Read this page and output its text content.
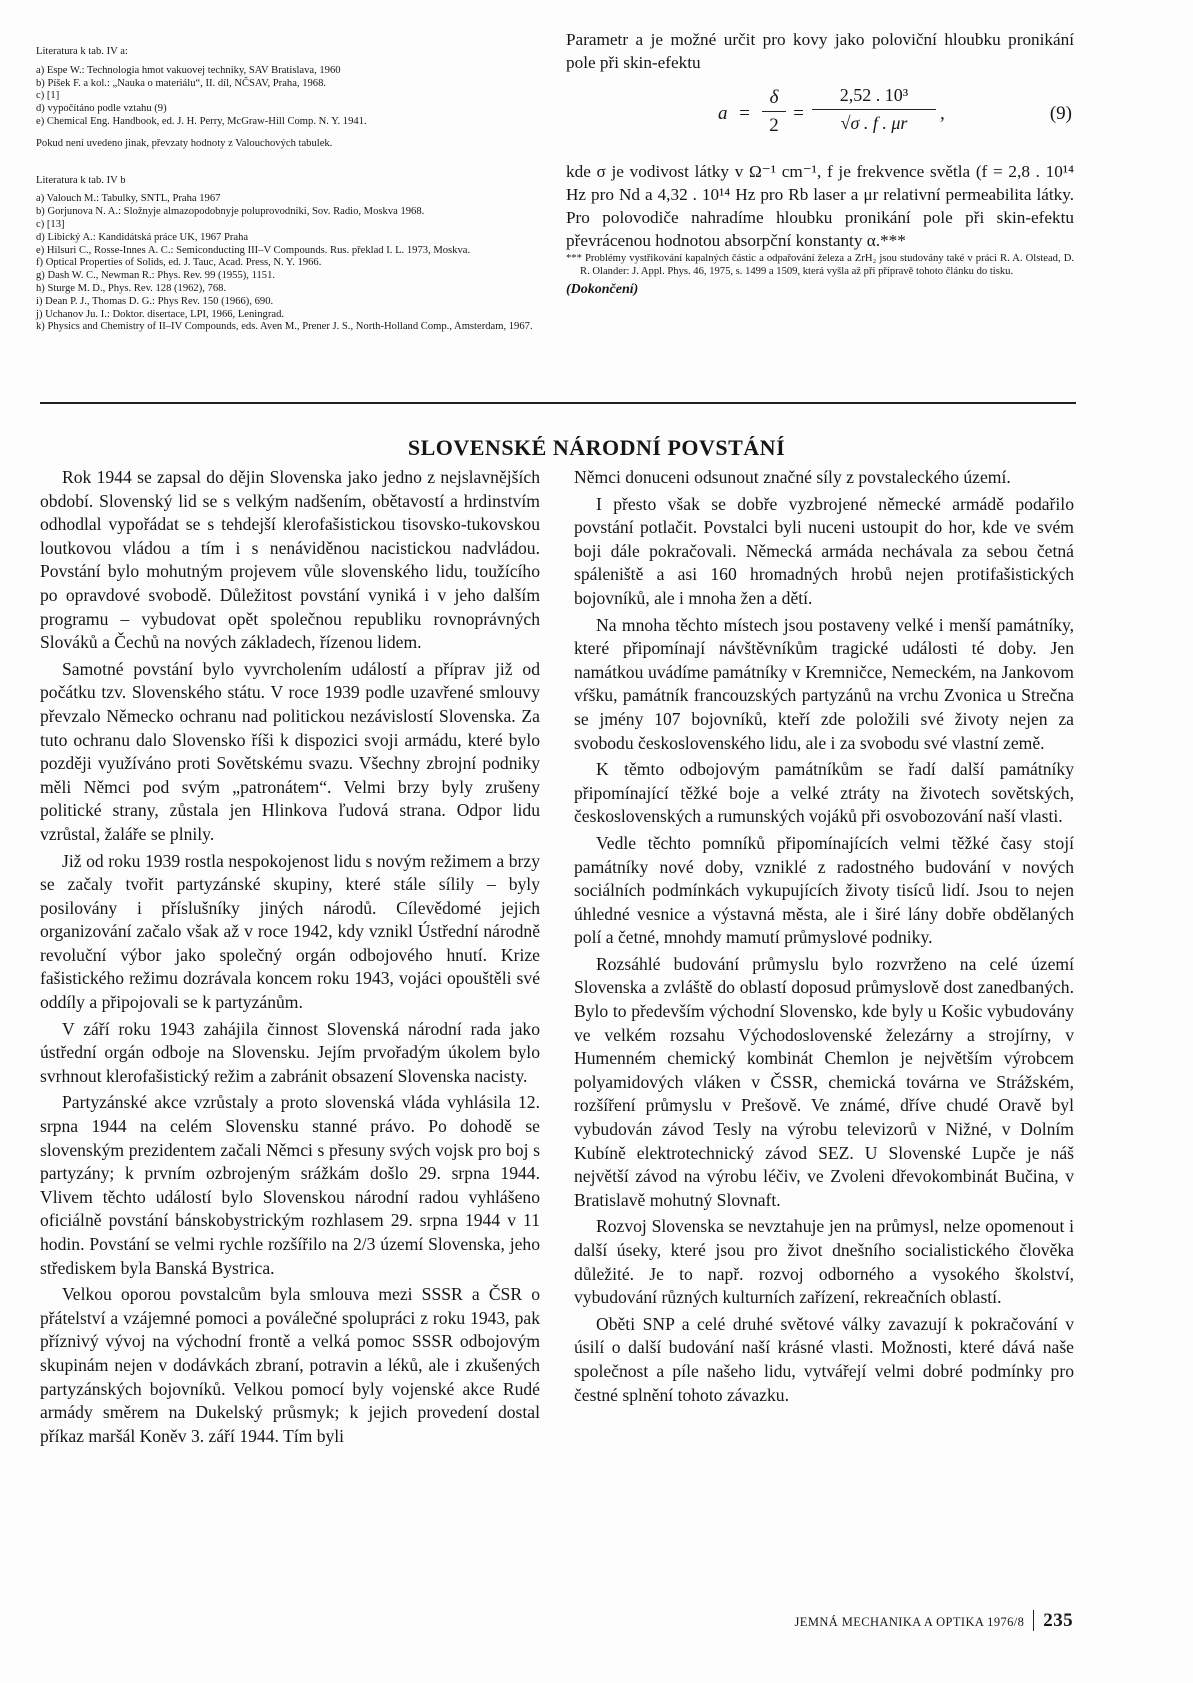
Literatura k tab. IV a:

a) Espe W.: Technologia hmot vakuovej techniky, SAV Bratislava, 1960
b) Píšek F. a kol.: „Nauka o materiálu“, II. díl, NČSAV, Praha, 1968.
c) [1]
d) vypočítáno podle vztahu (9)
e) Chemical Eng. Handbook, ed. J. H. Perry, McGraw-Hill Comp. N. Y. 1941.

Pokud není uvedeno jinak, převzaty hodnoty z Valouchových tabulek.

Literatura k tab. IV b

a) Valouch M.: Tabulky, SNTL, Praha 1967
b) Gorjunova N. A.: Složnyje almazopodobnyje poluprovodniki, Sov. Radio, Moskva 1968.
c) [13]
d) Libický A.: Kandidátská práce UK, 1967 Praha
e) Hilsuri C., Rosse-Innes A. C.: Semiconducting III–V Compounds. Rus. překlad I. L. 1973, Moskva.
f) Optical Properties of Solids, ed. J. Tauc, Acad. Press, N. Y. 1966.
g) Dash W. C., Newman R.: Phys. Rev. 99 (1955), 1151.
h) Sturge M. D., Phys. Rev. 128 (1962), 768.
i) Dean P. J., Thomas D. G.: Phys Rev. 150 (1966), 690.
j) Uchanov Ju. I.: Doktor. disertace, LPI, 1966, Leningrad.
k) Physics and Chemistry of II–IV Compounds, eds. Aven M., Prener J. S., North-Holland Comp., Amsterdam, 1967.

Parametr a je možné určit pro kovy jako poloviční hloubku pronikání pole při skin-efektu

a =
δ
2
=
2,52 . 10³
√σ . f . μr	,	(9)

kde σ je vodivost látky v Ω⁻¹ cm⁻¹, f je frekvence světla (f = 2,8 . 10¹⁴ Hz pro Nd a 4,32 . 10¹⁴ Hz pro Rb laser a μr relativní permeabilita látky. Pro polovodiče nahradíme hloubku pronikání pole při skin-efektu převrácenou hodnotou absorpční konstanty α.***

*** Problémy vystřikování kapalných částic a odpařování železa a ZrH₂ jsou studovány také v práci R. A. Olstead, D. R. Olander: J. Appl. Phys. 46, 1975, s. 1499 a 1509, která vyšla až při přípravě tohoto článku do tisku.

(Dokončení)

SLOVENSKÉ NÁRODNÍ POVSTÁNÍ

Rok 1944 se zapsal do dějin Slovenska jako jedno z nejslavnějších období. Slovenský lid se s velkým nadšením, obětavostí a hrdinstvím odhodlal vypořádat se s tehdejší klerofašistickou tisovsko-tukovskou loutkovou vládou a tím i s nenáviděnou nacistickou nadvládou. Povstání bylo mohutným projevem vůle slovenského lidu, toužícího po opravdové svobodě. Důležitost povstání vyniká i v jeho dalším programu – vybudovat opět společnou republiku rovnoprávných Slováků a Čechů na nových základech, řízenou lidem.

Samotné povstání bylo vyvrcholením událostí a příprav již od počátku tzv. Slovenského státu. V roce 1939 podle uzavřené smlouvy převzalo Německo ochranu nad politickou nezávislostí Slovenska. Za tuto ochranu dalo Slovensko říši k dispozici svoji armádu, které bylo později využíváno proti Sovětskému svazu. Všechny zbrojní podniky měli Němci pod svým „patronátem“. Velmi brzy byly zrušeny politické strany, zůstala jen Hlinkova ľudová strana. Odpor lidu vzrůstal, žaláře se plnily.

Již od roku 1939 rostla nespokojenost lidu s novým režimem a brzy se začaly tvořit partyzánské skupiny, které stále sílily – byly posilovány i příslušníky jiných národů. Cílevědomé jejich organizování začalo však až v roce 1942, kdy vznikl Ústřední národně revoluční výbor jako společný orgán odbojového hnutí. Krize fašistického režimu dozrávala koncem roku 1943, vojáci opouštěli své oddíly a připojovali se k partyzánům.

V září roku 1943 zahájila činnost Slovenská národní rada jako ústřední orgán odboje na Slovensku. Jejím prvořadým úkolem bylo svrhnout klerofašistický režim a zabránit obsazení Slovenska nacisty.

Partyzánské akce vzrůstaly a proto slovenská vláda vyhlásila 12. srpna 1944 na celém Slovensku stanné právo. Po dohodě se slovenským prezidentem začali Němci s přesuny svých vojsk pro boj s partyzány; k prvním ozbrojeným srážkám došlo 29. srpna 1944. Vlivem těchto událostí bylo Slovenskou národní radou vyhlášeno oficiálně povstání bánskobystrickým rozhlasem 29. srpna 1944 v 11 hodin. Povstání se velmi rychle rozšířilo na 2/3 území Slovenska, jeho střediskem byla Banská Bystrica.

Velkou oporou povstalcům byla smlouva mezi SSSR a ČSR o přátelství a vzájemné pomoci a poválečné spolupráci z roku 1943, pak příznivý vývoj na východní frontě a velká pomoc SSSR odbojovým skupinám nejen v dodávkách zbraní, potravin a léků, ale i zkušených partyzánských bojovníků. Velkou pomocí byly vojenské akce Rudé armády směrem na Dukelský průsmyk; k jejich provedení dostal příkaz maršál Koněv 3. září 1944. Tím byli

Němci donuceni odsunout značné síly z povstaleckého území.

I přesto však se dobře vyzbrojené německé armádě podařilo povstání potlačit. Povstalci byli nuceni ustoupit do hor, kde ve svém boji dále pokračovali. Německá armáda nechávala za sebou četná spáleniště a asi 160 hromadných hrobů nejen protifašistických bojovníků, ale i mnoha žen a dětí.

Na mnoha těchto místech jsou postaveny velké i menší památníky, které připomínají návštěvníkům tragické události té doby. Jen namátkou uvádíme památníky v Kremničce, Nemeckém, na Jankovom vŕšku, památník francouzských partyzánů na vrchu Zvonica u Strečna se jmény 107 bojovníků, kteří zde položili své životy nejen za svobodu československého lidu, ale i za svobodu své vlastní země.

K těmto odbojovým památníkům se řadí další památníky připomínající těžké boje a velké ztráty na životech sovětských, československých a rumunských vojáků při osvobozování naší vlasti.

Vedle těchto pomníků připomínajících velmi těžké časy stojí památníky nové doby, vzniklé z radostného budování v nových sociálních podmínkách vykupujících životy tisíců lidí. Jsou to nejen úhledné vesnice a výstavná města, ale i širé lány dobře obdělaných polí a četné, mnohdy mamutí průmyslové podniky.

Rozsáhlé budování průmyslu bylo rozvrženo na celé území Slovenska a zvláště do oblastí doposud průmyslově dost zanedbaných. Bylo to především východní Slovensko, kde byly u Košic vybudovány ve velkém rozsahu Východoslovenské železárny a strojírny, v Humenném chemický kombinát Chemlon je největším výrobcem polyamidových vláken v ČSSR, chemická továrna ve Strážském, rozšíření průmyslu v Prešově. Ve známé, dříve chudé Oravě byl vybudován závod Tesly na výrobu televizorů v Nižné, v Dolním Kubíně elektrotechnický závod SEZ. U Slovenské Lupče je náš největší závod na výrobu léčiv, ve Zvoleni dřevokombinát Bučina, v Bratislavě mohutný Slovnaft.

Rozvoj Slovenska se nevztahuje jen na průmysl, nelze opomenout i další úseky, které jsou pro život dnešního socialistického člověka důležité. Je to např. rozvoj odborného a vysokého školství, vybudování různých kulturních zařízení, rekreačních oblastí.

Oběti SNP a celé druhé světové války zavazují k pokračování v úsilí o další budování naší krásné vlasti. Možnosti, které dává naše společnost a píle našeho lidu, vytvářejí velmi dobré podmínky pro čestné splnění tohoto závazku.

JEMNÁ MECHANIKA A OPTIKA 1976/8 235
